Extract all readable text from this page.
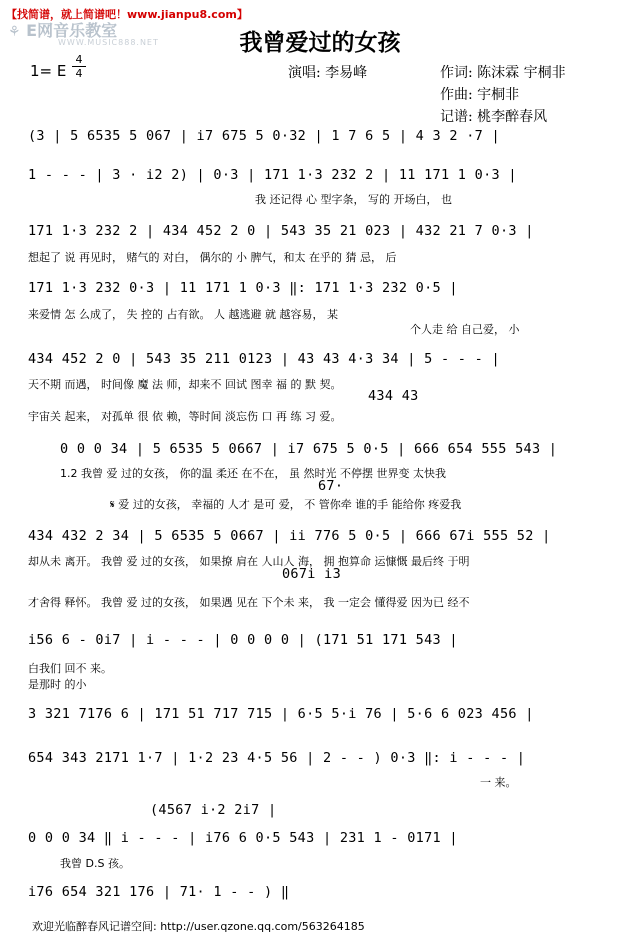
【找简谱，就上简谱吧！www.jianpu8.com】
⚘ E网音乐教室
WWW.MUSIC888.NET	我曾爱过的女孩
1= E
4
4	演唱: 李易峰	作词: 陈沫霖 宇桐非
作曲: 宇桐非
记谱: 桃李醉春风
(3 | 5 6535 5 067 | i7 675 5 0·32 | 1 7 6 5 | 4 3 2 ·7 |
1 - - - | 3 · i2 2) | 0·3 | 171 1·3 232 2 | 11 171 1 0·3 |
我 还记得 心 型字条， 写的 开场白， 也
171 1·3 232 2 | 434 452 2 0 | 543 35 21 023 | 432 21 7 0·3 |
想起了 说 再见时， 赌气的 对白， 偶尔的 小 脾气，和太 在乎的 猜 忌， 后
171 1·3 232 0·3 | 11 171 1 0·3 ‖: 171 1·3 232 0·5 |
来爱情 怎 么成了， 失 控的 占有欲。 人 越逃避 就 越容易， 某
个人走 给 自己爱， 小
434 452 2 0 | 543 35 211 0123 | 43 43 4·3 34 | 5 - - - |
天不期 而遇， 时间像 魔 法 师，却来不 回试 图幸 福 的 默 契。
434 43
宇宙关 起来， 对孤单 很 依 赖，等时间 淡忘伤 口 再 练 习 爱。
0 0 0 34 | 5 6535 5 0667 | i7 675 5 0·5 | 666 654 555 543 |
1.2 我曾 爱 过的女孩， 你的温 柔还 在不在， 虽 然时光 不停摆 世界变 太快我
67·
𝄋 爱 过的女孩， 幸福的 人才 是可 爱， 不 管你牵 谁的手 能给你 疼爱我
434 432 2 34 | 5 6535 5 0667 | ii 776 5 0·5 | 666 67i 555 52 |
却从未 离开。 我曾 爱 过的女孩， 如果撩 肩在 人山人 海， 拥 抱算命 运慷慨 最后终 于明
067i i3
才舍得 释怀。 我曾 爱 过的女孩， 如果遇 见在 下个未 来， 我 一定会 懂得爱 因为已 经不
i56 6 - 0i7 | i - - - | 0 0 0 0 | (171 51 171 543 |
白我们 回不 来。
是那时 的小
3 321 7176 6 | 171 51 717 715 | 6·5 5·i 76 | 5·6 6 023 456 |
654 343 2171 1·7 | 1·2 23 4·5 56 | 2 - - ) 0·3 ‖: i - - - |
一 来。
(4567 i·2 2i7 |
0 0 0 34 ‖ i - - - | i76 6 0·5 543 | 231 1 - 0171 |
我曾 D.S 孩。
i76 654 321 176 | 71· 1 - - ) ‖
欢迎光临醉春风记谱空间: http://user.qzone.qq.com/563264185
